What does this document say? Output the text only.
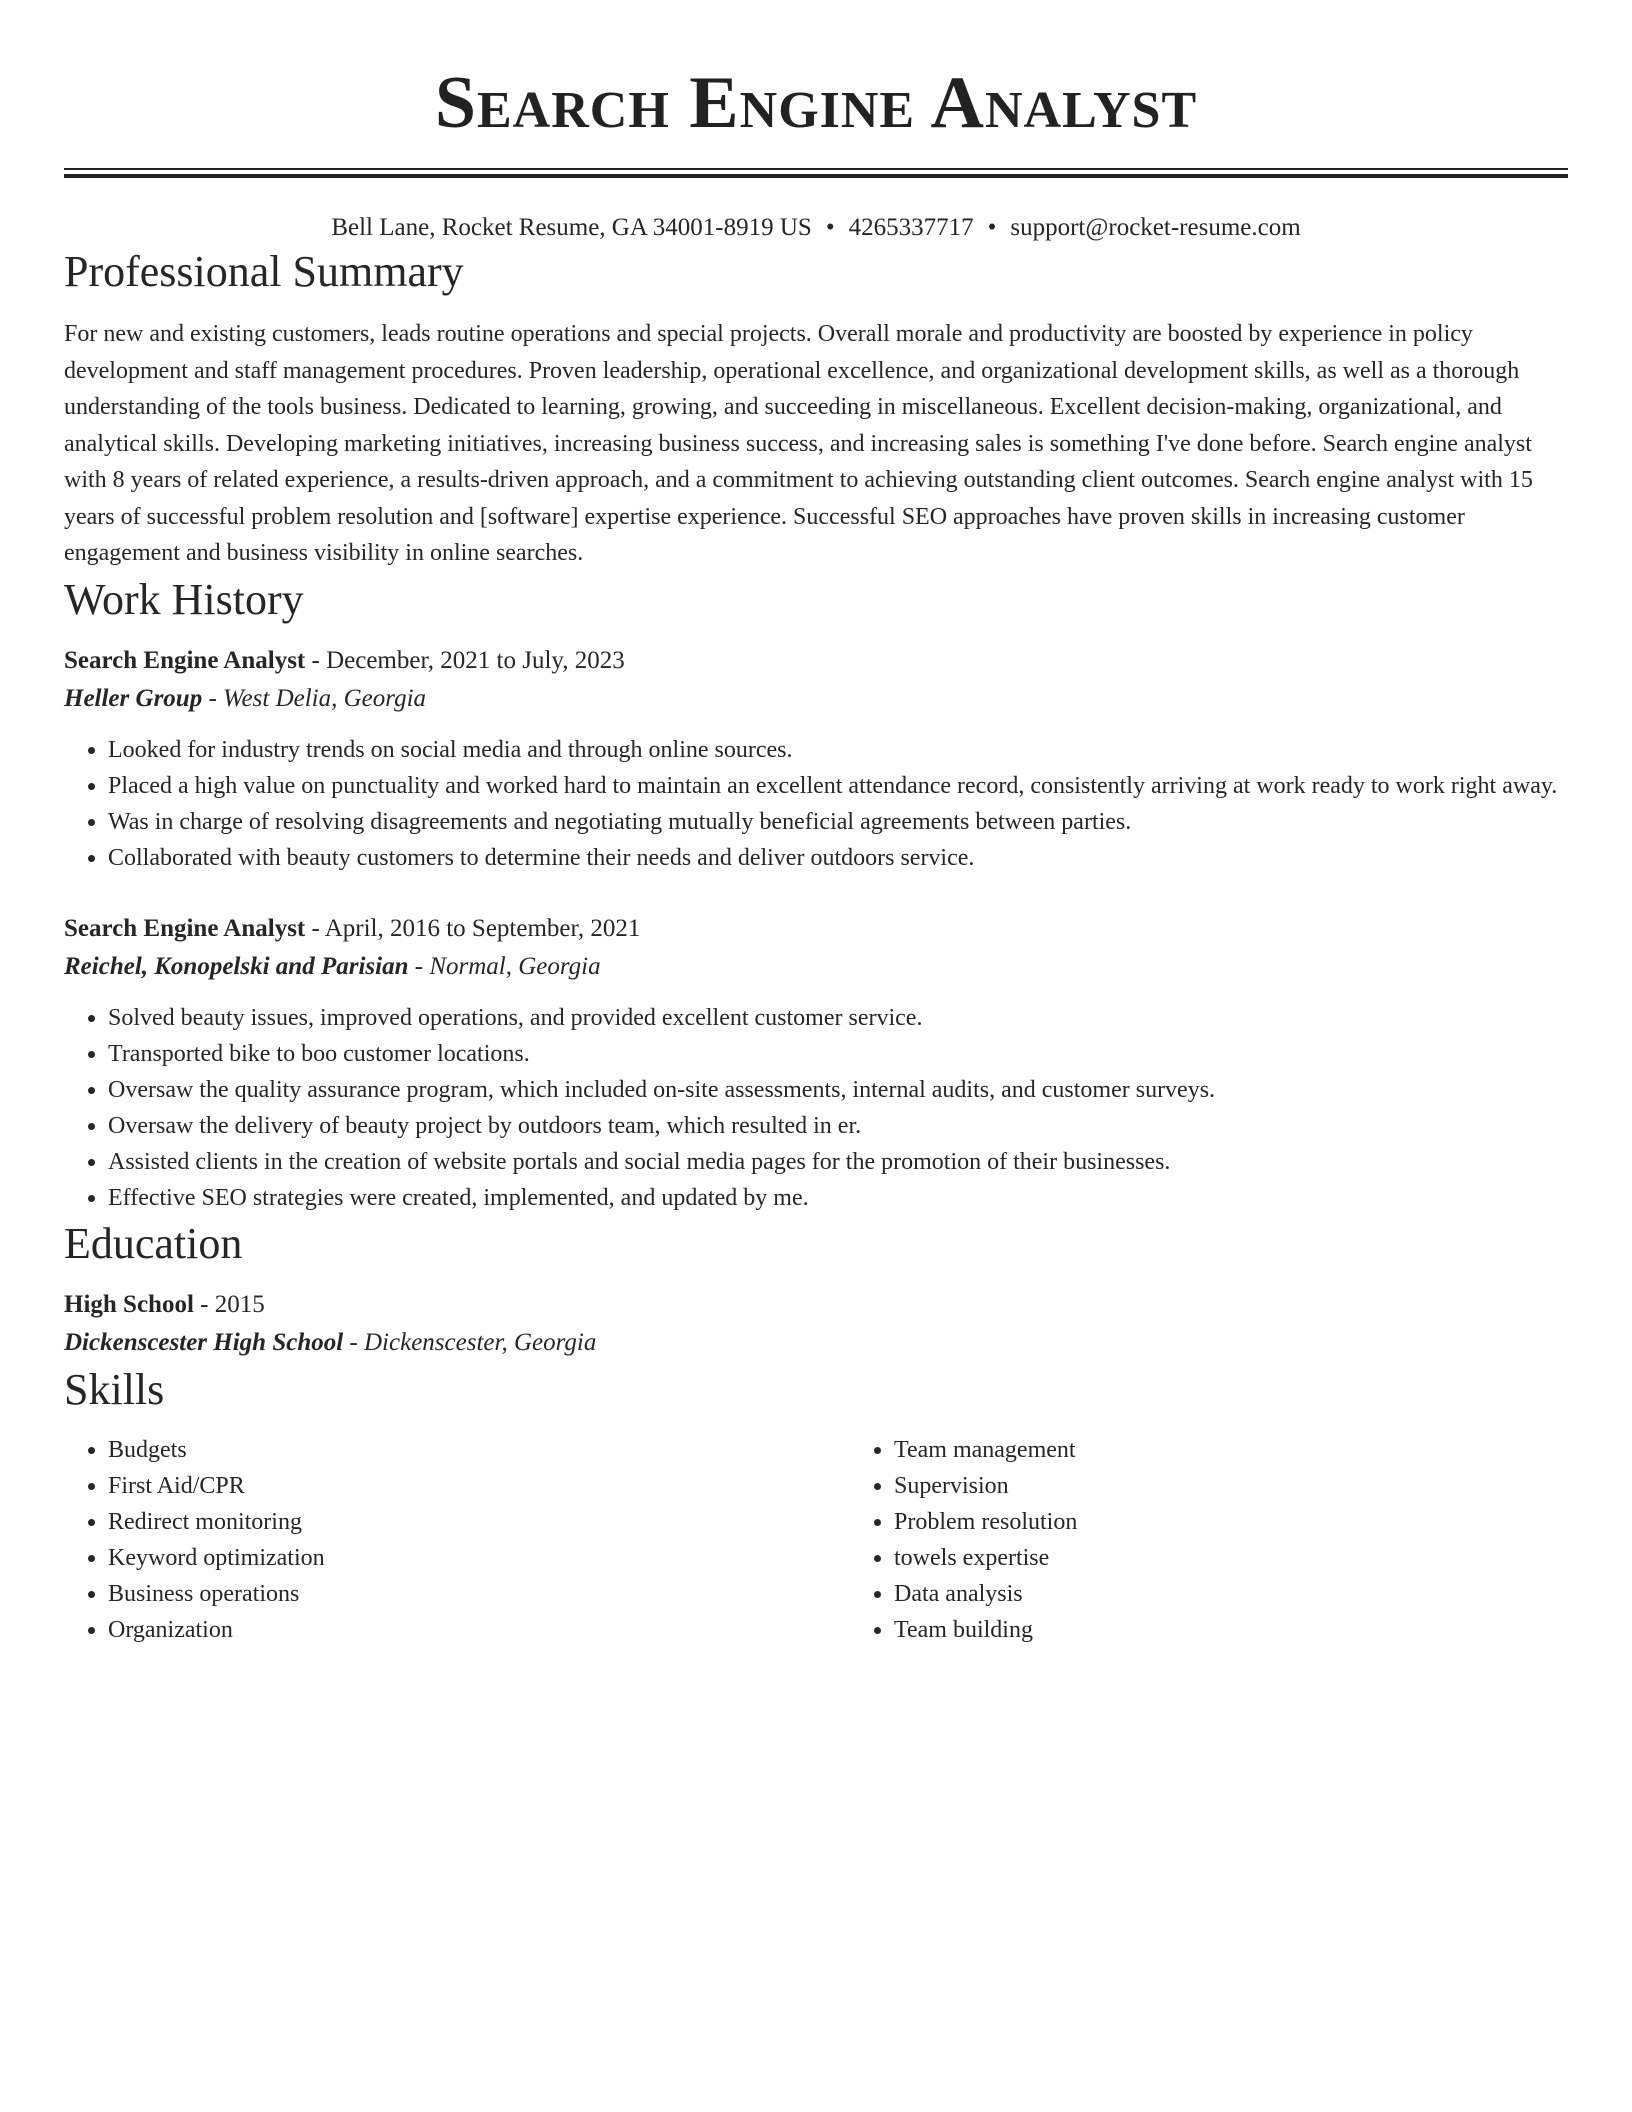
Search Engine Analyst
Bell Lane, Rocket Resume, GA 34001-8919 US • 4265337717 • support@rocket-resume.com
Professional Summary
For new and existing customers, leads routine operations and special projects. Overall morale and productivity are boosted by experience in policy development and staff management procedures. Proven leadership, operational excellence, and organizational development skills, as well as a thorough understanding of the tools business. Dedicated to learning, growing, and succeeding in miscellaneous. Excellent decision-making, organizational, and analytical skills. Developing marketing initiatives, increasing business success, and increasing sales is something I've done before. Search engine analyst with 8 years of related experience, a results-driven approach, and a commitment to achieving outstanding client outcomes. Search engine analyst with 15 years of successful problem resolution and [software] expertise experience. Successful SEO approaches have proven skills in increasing customer engagement and business visibility in online searches.
Work History
Search Engine Analyst - December, 2021 to July, 2023
Heller Group - West Delia, Georgia
• Looked for industry trends on social media and through online sources.
• Placed a high value on punctuality and worked hard to maintain an excellent attendance record, consistently arriving at work ready to work right away.
• Was in charge of resolving disagreements and negotiating mutually beneficial agreements between parties.
• Collaborated with beauty customers to determine their needs and deliver outdoors service.
Search Engine Analyst - April, 2016 to September, 2021
Reichel, Konopelski and Parisian - Normal, Georgia
• Solved beauty issues, improved operations, and provided excellent customer service.
• Transported bike to boo customer locations.
• Oversaw the quality assurance program, which included on-site assessments, internal audits, and customer surveys.
• Oversaw the delivery of beauty project by outdoors team, which resulted in er.
• Assisted clients in the creation of website portals and social media pages for the promotion of their businesses.
• Effective SEO strategies were created, implemented, and updated by me.
Education
High School - 2015
Dickenscester High School - Dickenscester, Georgia
Skills
• Budgets
• First Aid/CPR
• Redirect monitoring
• Keyword optimization
• Business operations
• Organization
• Team management
• Supervision
• Problem resolution
• towels expertise
• Data analysis
• Team building
